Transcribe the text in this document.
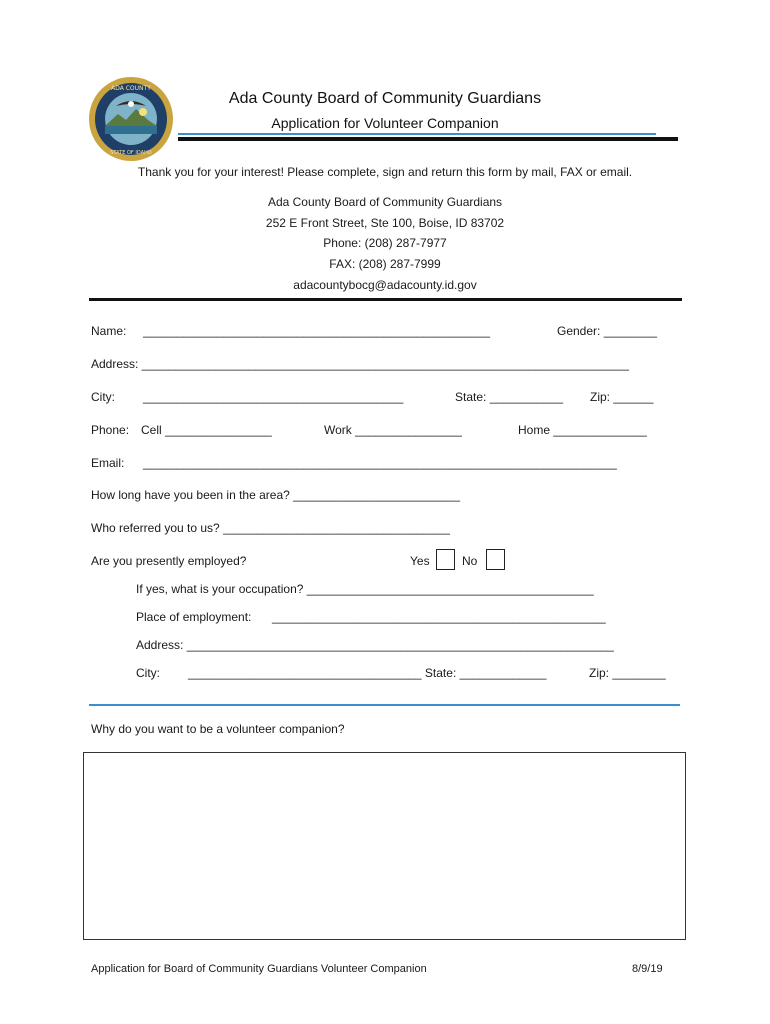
ADA COUNTY
STATE OF IDAHO
Ada County Board of Community Guardians
Application for Volunteer Companion
Thank you for your interest! Please complete, sign and return this form by mail, FAX or email.
Ada County Board of Community Guardians
252 E Front Street, Ste 100, Boise, ID 83702
Phone: (208) 287-7977
FAX: (208) 287-7999
adacountybocg@adacounty.id.gov
Name: ____________________________________________________	Gender: ________
Address: _________________________________________________________________________
City: _______________________________________	State: ___________ Zip: ______
Phone: Cell ________________	Work ________________	Home ______________
Email: _______________________________________________________________________
How long have you been in the area? _________________________
Who referred you to us? __________________________________
Are you presently employed?	Yes	No
If yes, what is your occupation? ___________________________________________
Place of employment: __________________________________________________
Address: ________________________________________________________________
City: ___________________________________ State: _____________	Zip: ________
Why do you want to be a volunteer companion?
Application for Board of Community Guardians Volunteer Companion	8/9/19
